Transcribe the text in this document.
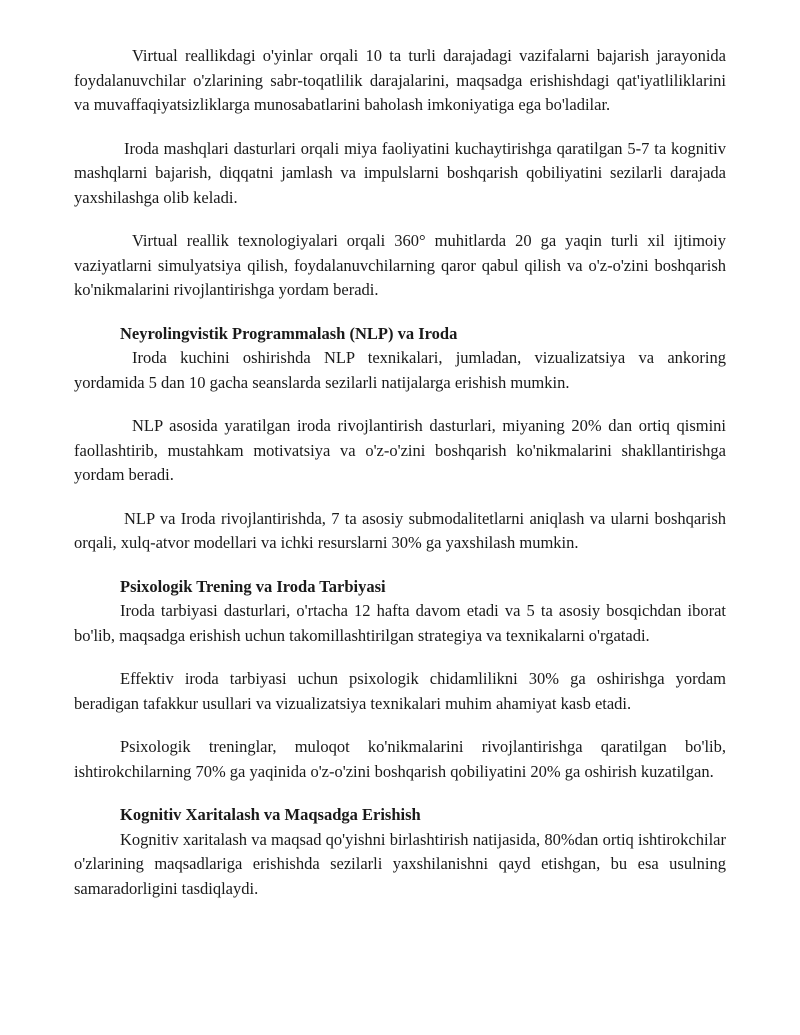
Virtual reallikdagi o'yinlar orqali 10 ta turli darajadagi vazifalarni bajarish jarayonida foydalanuvchilar o'zlarining sabr-toqatlilik darajalarini, maqsadga erishishdagi qat'iyatliliklarini va muvaffaqiyatsizliklarga munosabatlarini baholash imkoniyatiga ega bo'ladilar.

Iroda mashqlari dasturlari orqali miya faoliyatini kuchaytirishga qaratilgan 5-7 ta kognitiv mashqlarni bajarish, diqqatni jamlash va impulslarni boshqarish qobiliyatini sezilarli darajada yaxshilashga olib keladi.

Virtual reallik texnologiyalari orqali 360° muhitlarda 20 ga yaqin turli xil ijtimoiy vaziyatlarni simulyatsiya qilish, foydalanuvchilarning qaror qabul qilish va o'z-o'zini boshqarish ko'nikmalarini rivojlantirishga yordam beradi.

Neyrolingvistik Programmalash (NLP) va Iroda

Iroda kuchini oshirishda NLP texnikalari, jumladan, vizualizatsiya va ankoring yordamida 5 dan 10 gacha seanslarda sezilarli natijalarga erishish mumkin.

NLP asosida yaratilgan iroda rivojlantirish dasturlari, miyaning 20% dan ortiq qismini faollashtirib, mustahkam motivatsiya va o'z-o'zini boshqarish ko'nikmalarini shakllantirishga yordam beradi.

NLP va Iroda rivojlantirishda, 7 ta asosiy submodalitetlarni aniqlash va ularni boshqarish orqali, xulq-atvor modellari va ichki resurslarni 30% ga yaxshilash mumkin.

Psixologik Trening va Iroda Tarbiyasi

Iroda tarbiyasi dasturlari, o'rtacha 12 hafta davom etadi va 5 ta asosiy bosqichdan iborat bo'lib, maqsadga erishish uchun takomillashtirilgan strategiya va texnikalarni o'rgatadi.

Effektiv iroda tarbiyasi uchun psixologik chidamlilikni 30% ga oshirishga yordam beradigan tafakkur usullari va vizualizatsiya texnikalari muhim ahamiyat kasb etadi.

Psixologik treninglar, muloqot ko'nikmalarini rivojlantirishga qaratilgan bo'lib, ishtirokchilarning 70% ga yaqinida o'z-o'zini boshqarish qobiliyatini 20% ga oshirish kuzatilgan.

Kognitiv Xaritalash va Maqsadga Erishish

Kognitiv xaritalash va maqsad qo'yishni birlashtirish natijasida, 80%dan ortiq ishtirokchilar o'zlarining maqsadlariga erishishda sezilarli yaxshilanishni qayd etishgan, bu esa usulning samaradorligini tasdiqlaydi.
